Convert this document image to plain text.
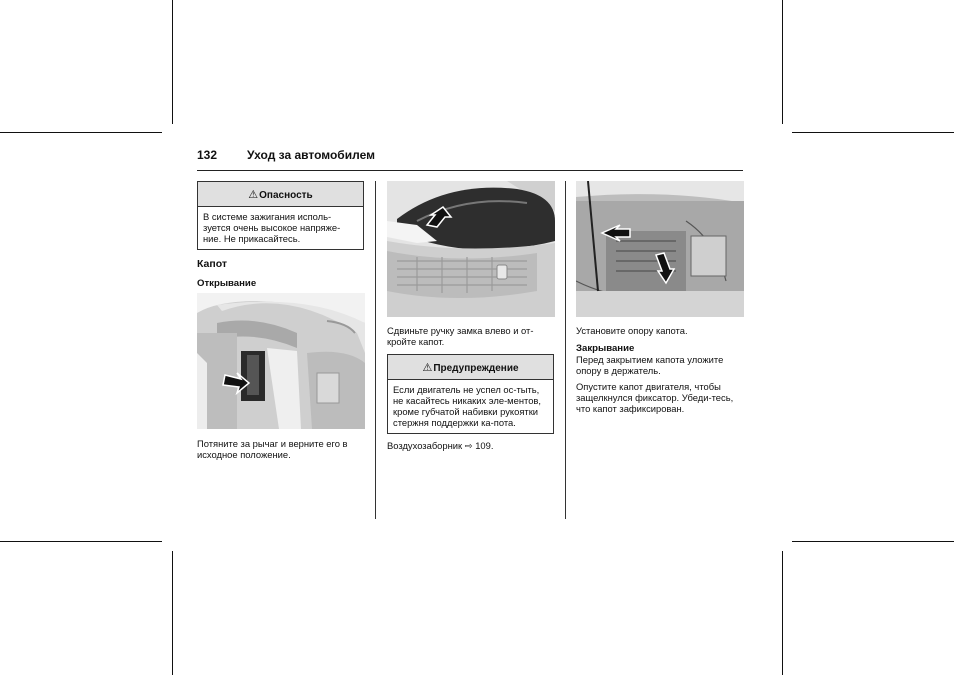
132 Уход за автомобилем
⚠Опасность

В системе зажигания исполь-зуется очень высокое напряже-ние. Не прикасайтесь.

Капот
Открывание

Потяните за рычаг и верните его в исходное положение.

Сдвиньте ручку замка влево и от-кройте капот.

⚠Предупреждение

Если двигатель не успел ос-тыть, не касайтесь никаких эле-ментов, кроме губчатой набивки рукоятки стержня поддержки ка-пота.

Воздухозаборник ⇨ 109.

Установите опору капота.

Закрывание

Перед закрытием капота уложите опору в держатель.

Опустите капот двигателя, чтобы защелкнулся фиксатор. Убеди-тесь, что капот зафиксирован.
